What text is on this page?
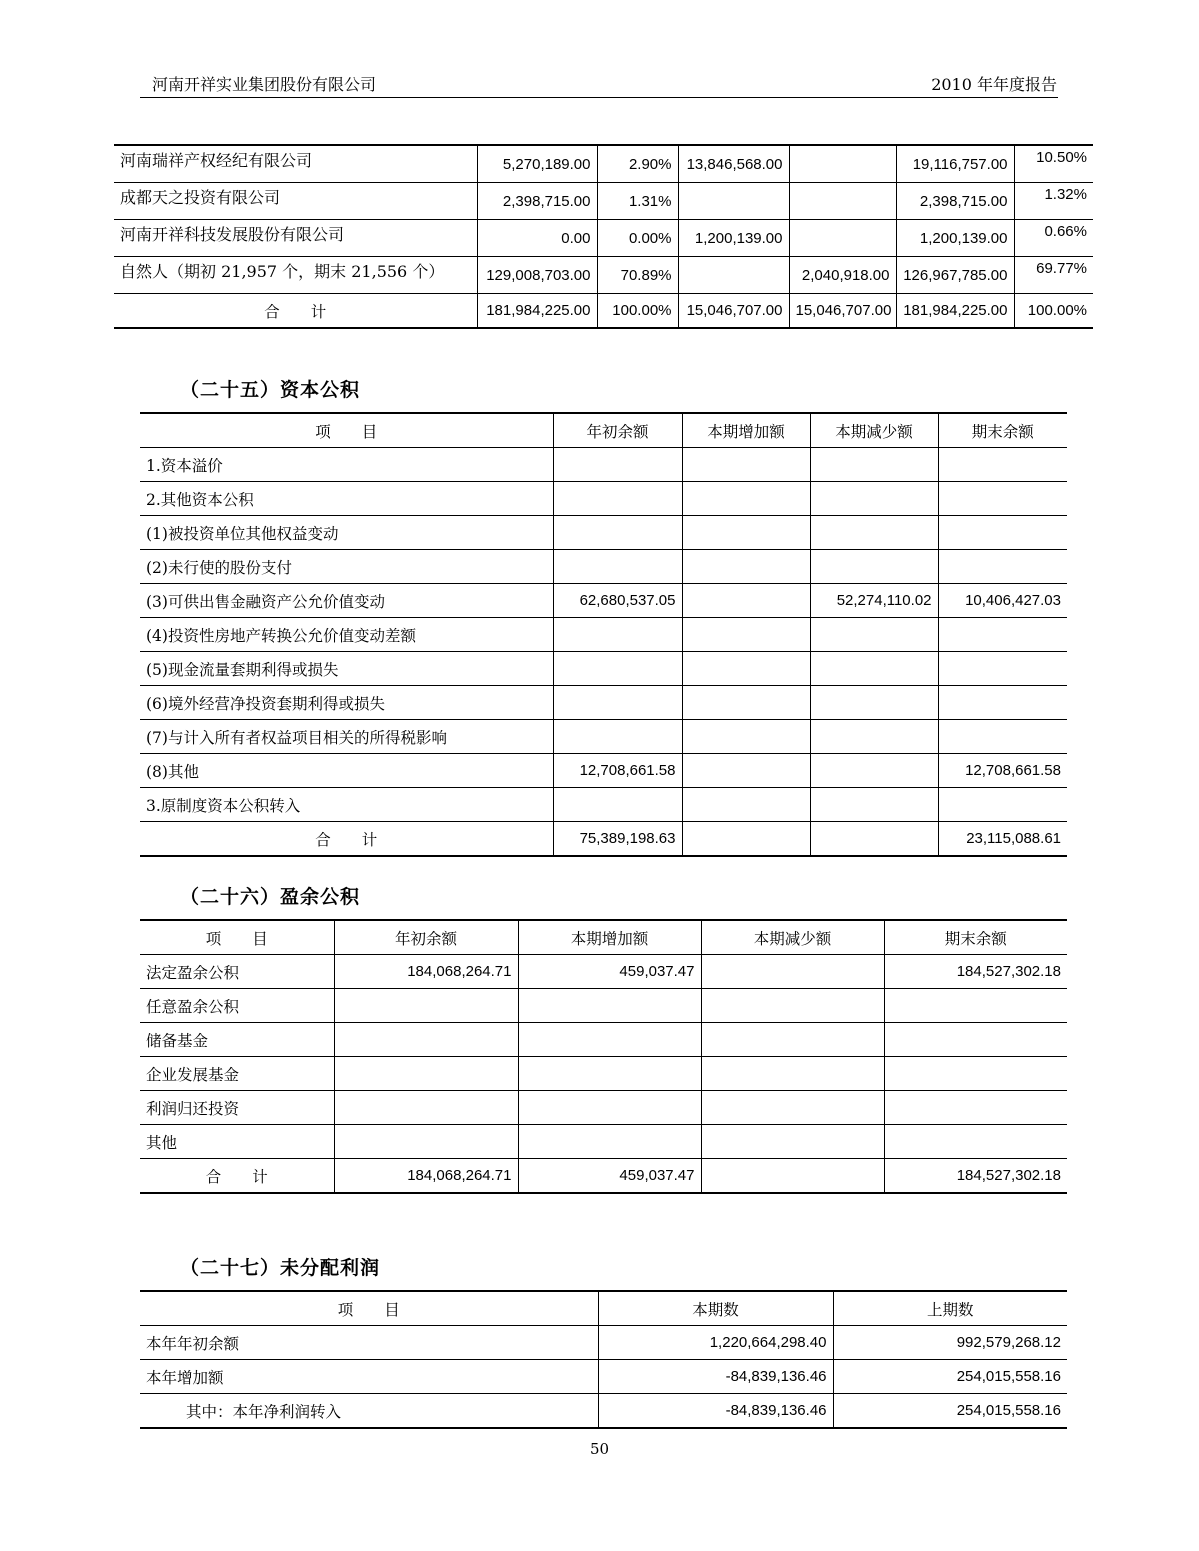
河南开祥实业集团股份有限公司	2010 年年度报告
河南瑞祥产权经纪有限公司	5,270,189.00	2.90%	13,846,568.00		19,116,757.00	10.50%
成都天之投资有限公司	2,398,715.00	1.31%			2,398,715.00	1.32%
河南开祥科技发展股份有限公司	0.00	0.00%	1,200,139.00		1,200,139.00	0.66%
自然人（期初 21,957 个，期末 21,556 个）	129,008,703.00	70.89%		2,040,918.00	126,967,785.00	69.77%
合　　计	181,984,225.00	100.00%	15,046,707.00	15,046,707.00	181,984,225.00	100.00%
（二十五）资本公积
项　　目	年初余额	本期增加额	本期减少额	期末余额
1.资本溢价				
2.其他资本公积				
(1)被投资单位其他权益变动				
(2)未行使的股份支付				
(3)可供出售金融资产公允价值变动	62,680,537.05		52,274,110.02	10,406,427.03
(4)投资性房地产转换公允价值变动差额				
(5)现金流量套期利得或损失				
(6)境外经营净投资套期利得或损失				
(7)与计入所有者权益项目相关的所得税影响				
(8)其他	12,708,661.58			12,708,661.58
3.原制度资本公积转入				
合　　计	75,389,198.63			23,115,088.61
（二十六）盈余公积
项　　目	年初余额	本期增加额	本期减少额	期末余额
法定盈余公积	184,068,264.71	459,037.47		184,527,302.18
任意盈余公积				
储备基金				
企业发展基金				
利润归还投资				
其他				
合　　计	184,068,264.71	459,037.47		184,527,302.18
（二十七）未分配利润
项　　目	本期数	上期数
本年年初余额	1,220,664,298.40	992,579,268.12
本年增加额	-84,839,136.46	254,015,558.16
其中：本年净利润转入	-84,839,136.46	254,015,558.16
50
